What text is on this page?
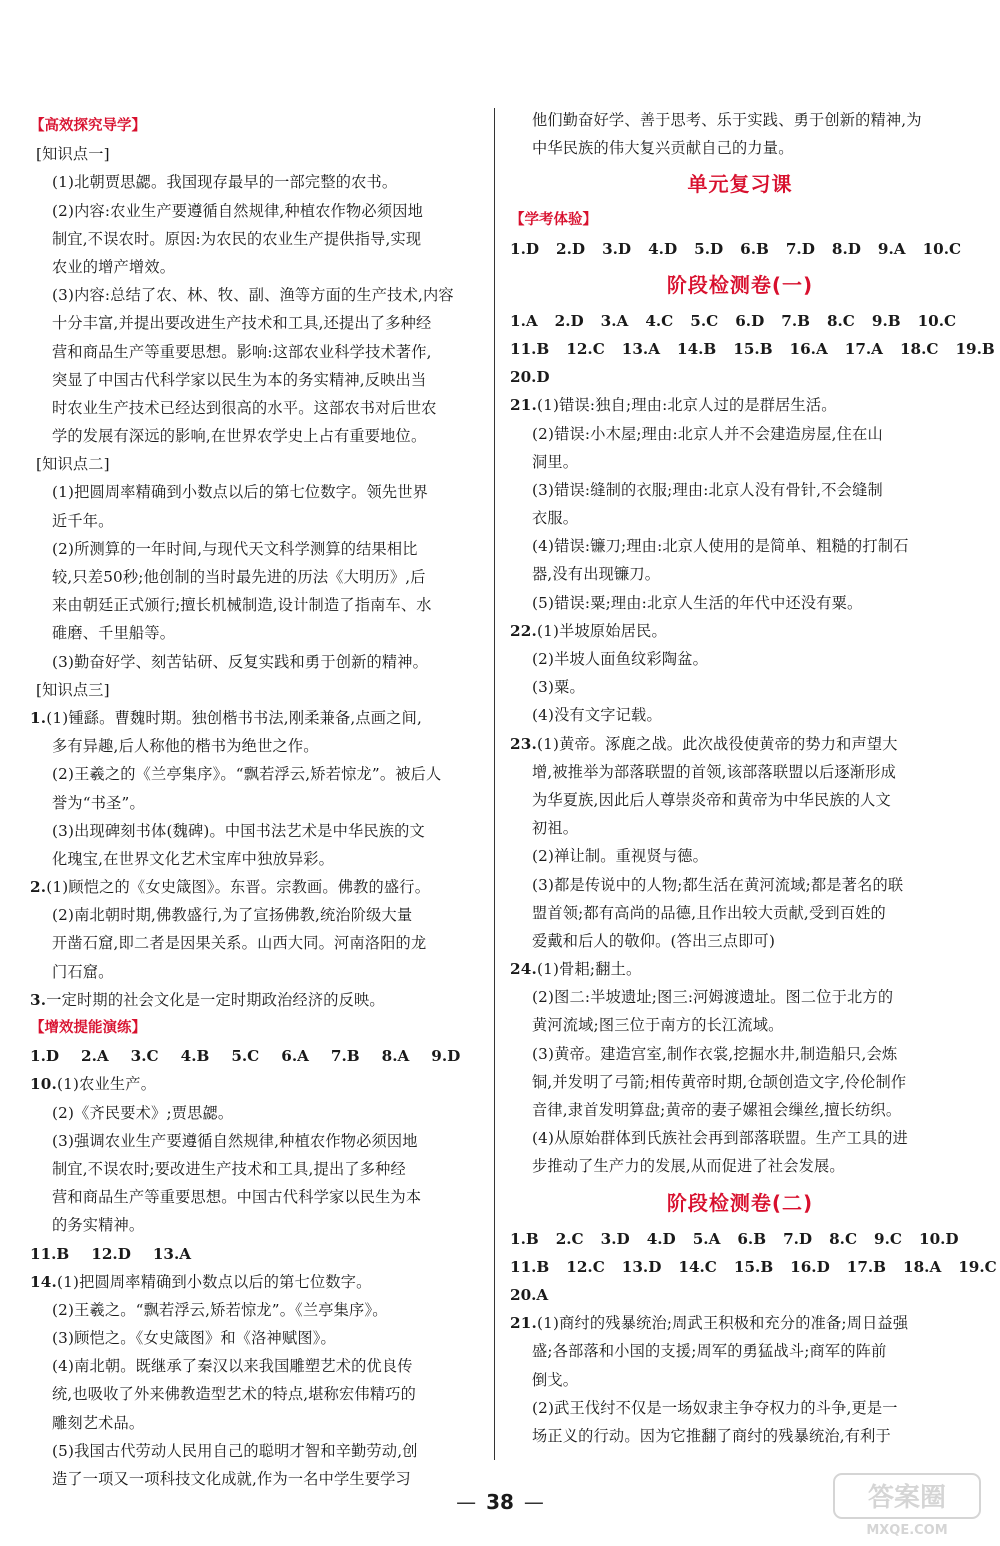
【高效探究导学】
[知识点一]
(1)北朝贾思勰。我国现存最早的一部完整的农书。
(2)内容:农业生产要遵循自然规律,种植农作物必须因地
制宜,不误农时。原因:为农民的农业生产提供指导,实现
农业的增产增效。
(3)内容:总结了农、林、牧、副、渔等方面的生产技术,内容
十分丰富,并提出要改进生产技术和工具,还提出了多种经
营和商品生产等重要思想。影响:这部农业科学技术著作,
突显了中国古代科学家以民生为本的务实精神,反映出当
时农业生产技术已经达到很高的水平。这部农书对后世农
学的发展有深远的影响,在世界农学史上占有重要地位。
[知识点二]
(1)把圆周率精确到小数点以后的第七位数字。领先世界
近千年。
(2)所测算的一年时间,与现代天文科学测算的结果相比
较,只差50秒;他创制的当时最先进的历法《大明历》,后
来由朝廷正式颁行;擅长机械制造,设计制造了指南车、水
碓磨、千里船等。
(3)勤奋好学、刻苦钻研、反复实践和勇于创新的精神。
[知识点三]
1.(1)锺繇。曹魏时期。独创楷书书法,刚柔兼备,点画之间,
多有异趣,后人称他的楷书为绝世之作。
(2)王羲之的《兰亭集序》。“飘若浮云,矫若惊龙”。被后人
誉为“书圣”。
(3)出现碑刻书体(魏碑)。中国书法艺术是中华民族的文
化瑰宝,在世界文化艺术宝库中独放异彩。
2.(1)顾恺之的《女史箴图》。东晋。宗教画。佛教的盛行。
(2)南北朝时期,佛教盛行,为了宣扬佛教,统治阶级大量
开凿石窟,即二者是因果关系。山西大同。河南洛阳的龙
门石窟。
3.一定时期的社会文化是一定时期政治经济的反映。
【增效提能演练】
1.D 2.A 3.C 4.B 5.C 6.A 7.B 8.A 9.D
10.(1)农业生产。
(2)《齐民要术》;贾思勰。
(3)强调农业生产要遵循自然规律,种植农作物必须因地
制宜,不误农时;要改进生产技术和工具,提出了多种经
营和商品生产等重要思想。中国古代科学家以民生为本
的务实精神。
11.B 12.D 13.A
14.(1)把圆周率精确到小数点以后的第七位数字。
(2)王羲之。“飘若浮云,矫若惊龙”。《兰亭集序》。
(3)顾恺之。《女史箴图》和《洛神赋图》。
(4)南北朝。既继承了秦汉以来我国雕塑艺术的优良传
统,也吸收了外来佛教造型艺术的特点,堪称宏伟精巧的
雕刻艺术品。
(5)我国古代劳动人民用自己的聪明才智和辛勤劳动,创
造了一项又一项科技文化成就,作为一名中学生要学习
他们勤奋好学、善于思考、乐于实践、勇于创新的精神,为
中华民族的伟大复兴贡献自己的力量。
单元复习课
【学考体验】
1.D 2.D 3.D 4.D 5.D 6.B 7.D 8.D 9.A 10.C
阶段检测卷(一)
1.A 2.D 3.A 4.C 5.C 6.D 7.B 8.C 9.B 10.C
11.B 12.C 13.A 14.B 15.B 16.A 17.A 18.C 19.B
20.D
21.(1)错误:独自;理由:北京人过的是群居生活。
(2)错误:小木屋;理由:北京人并不会建造房屋,住在山
洞里。
(3)错误:缝制的衣服;理由:北京人没有骨针,不会缝制
衣服。
(4)错误:镰刀;理由:北京人使用的是简单、粗糙的打制石
器,没有出现镰刀。
(5)错误:粟;理由:北京人生活的年代中还没有粟。
22.(1)半坡原始居民。
(2)半坡人面鱼纹彩陶盆。
(3)粟。
(4)没有文字记载。
23.(1)黄帝。涿鹿之战。此次战役使黄帝的势力和声望大
增,被推举为部落联盟的首领,该部落联盟以后逐渐形成
为华夏族,因此后人尊崇炎帝和黄帝为中华民族的人文
初祖。
(2)禅让制。重视贤与德。
(3)都是传说中的人物;都生活在黄河流域;都是著名的联
盟首领;都有高尚的品德,且作出较大贡献,受到百姓的
爱戴和后人的敬仰。(答出三点即可)
24.(1)骨耜;翻土。
(2)图二:半坡遗址;图三:河姆渡遗址。图二位于北方的
黄河流域;图三位于南方的长江流域。
(3)黄帝。建造宫室,制作衣裳,挖掘水井,制造船只,会炼
铜,并发明了弓箭;相传黄帝时期,仓颉创造文字,伶伦制作
音律,隶首发明算盘;黄帝的妻子嫘祖会缫丝,擅长纺织。
(4)从原始群体到氏族社会再到部落联盟。生产工具的进
步推动了生产力的发展,从而促进了社会发展。
阶段检测卷(二)
1.B 2.C 3.D 4.D 5.A 6.B 7.D 8.C 9.C 10.D
11.B 12.C 13.D 14.C 15.B 16.D 17.B 18.A 19.C
20.A
21.(1)商纣的残暴统治;周武王积极和充分的准备;周日益强
盛;各部落和小国的支援;周军的勇猛战斗;商军的阵前
倒戈。
(2)武王伐纣不仅是一场奴隶主争夺权力的斗争,更是一
场正义的行动。因为它推翻了商纣的残暴统治,有利于
— 38 —	答案圈
MXQE.COM
